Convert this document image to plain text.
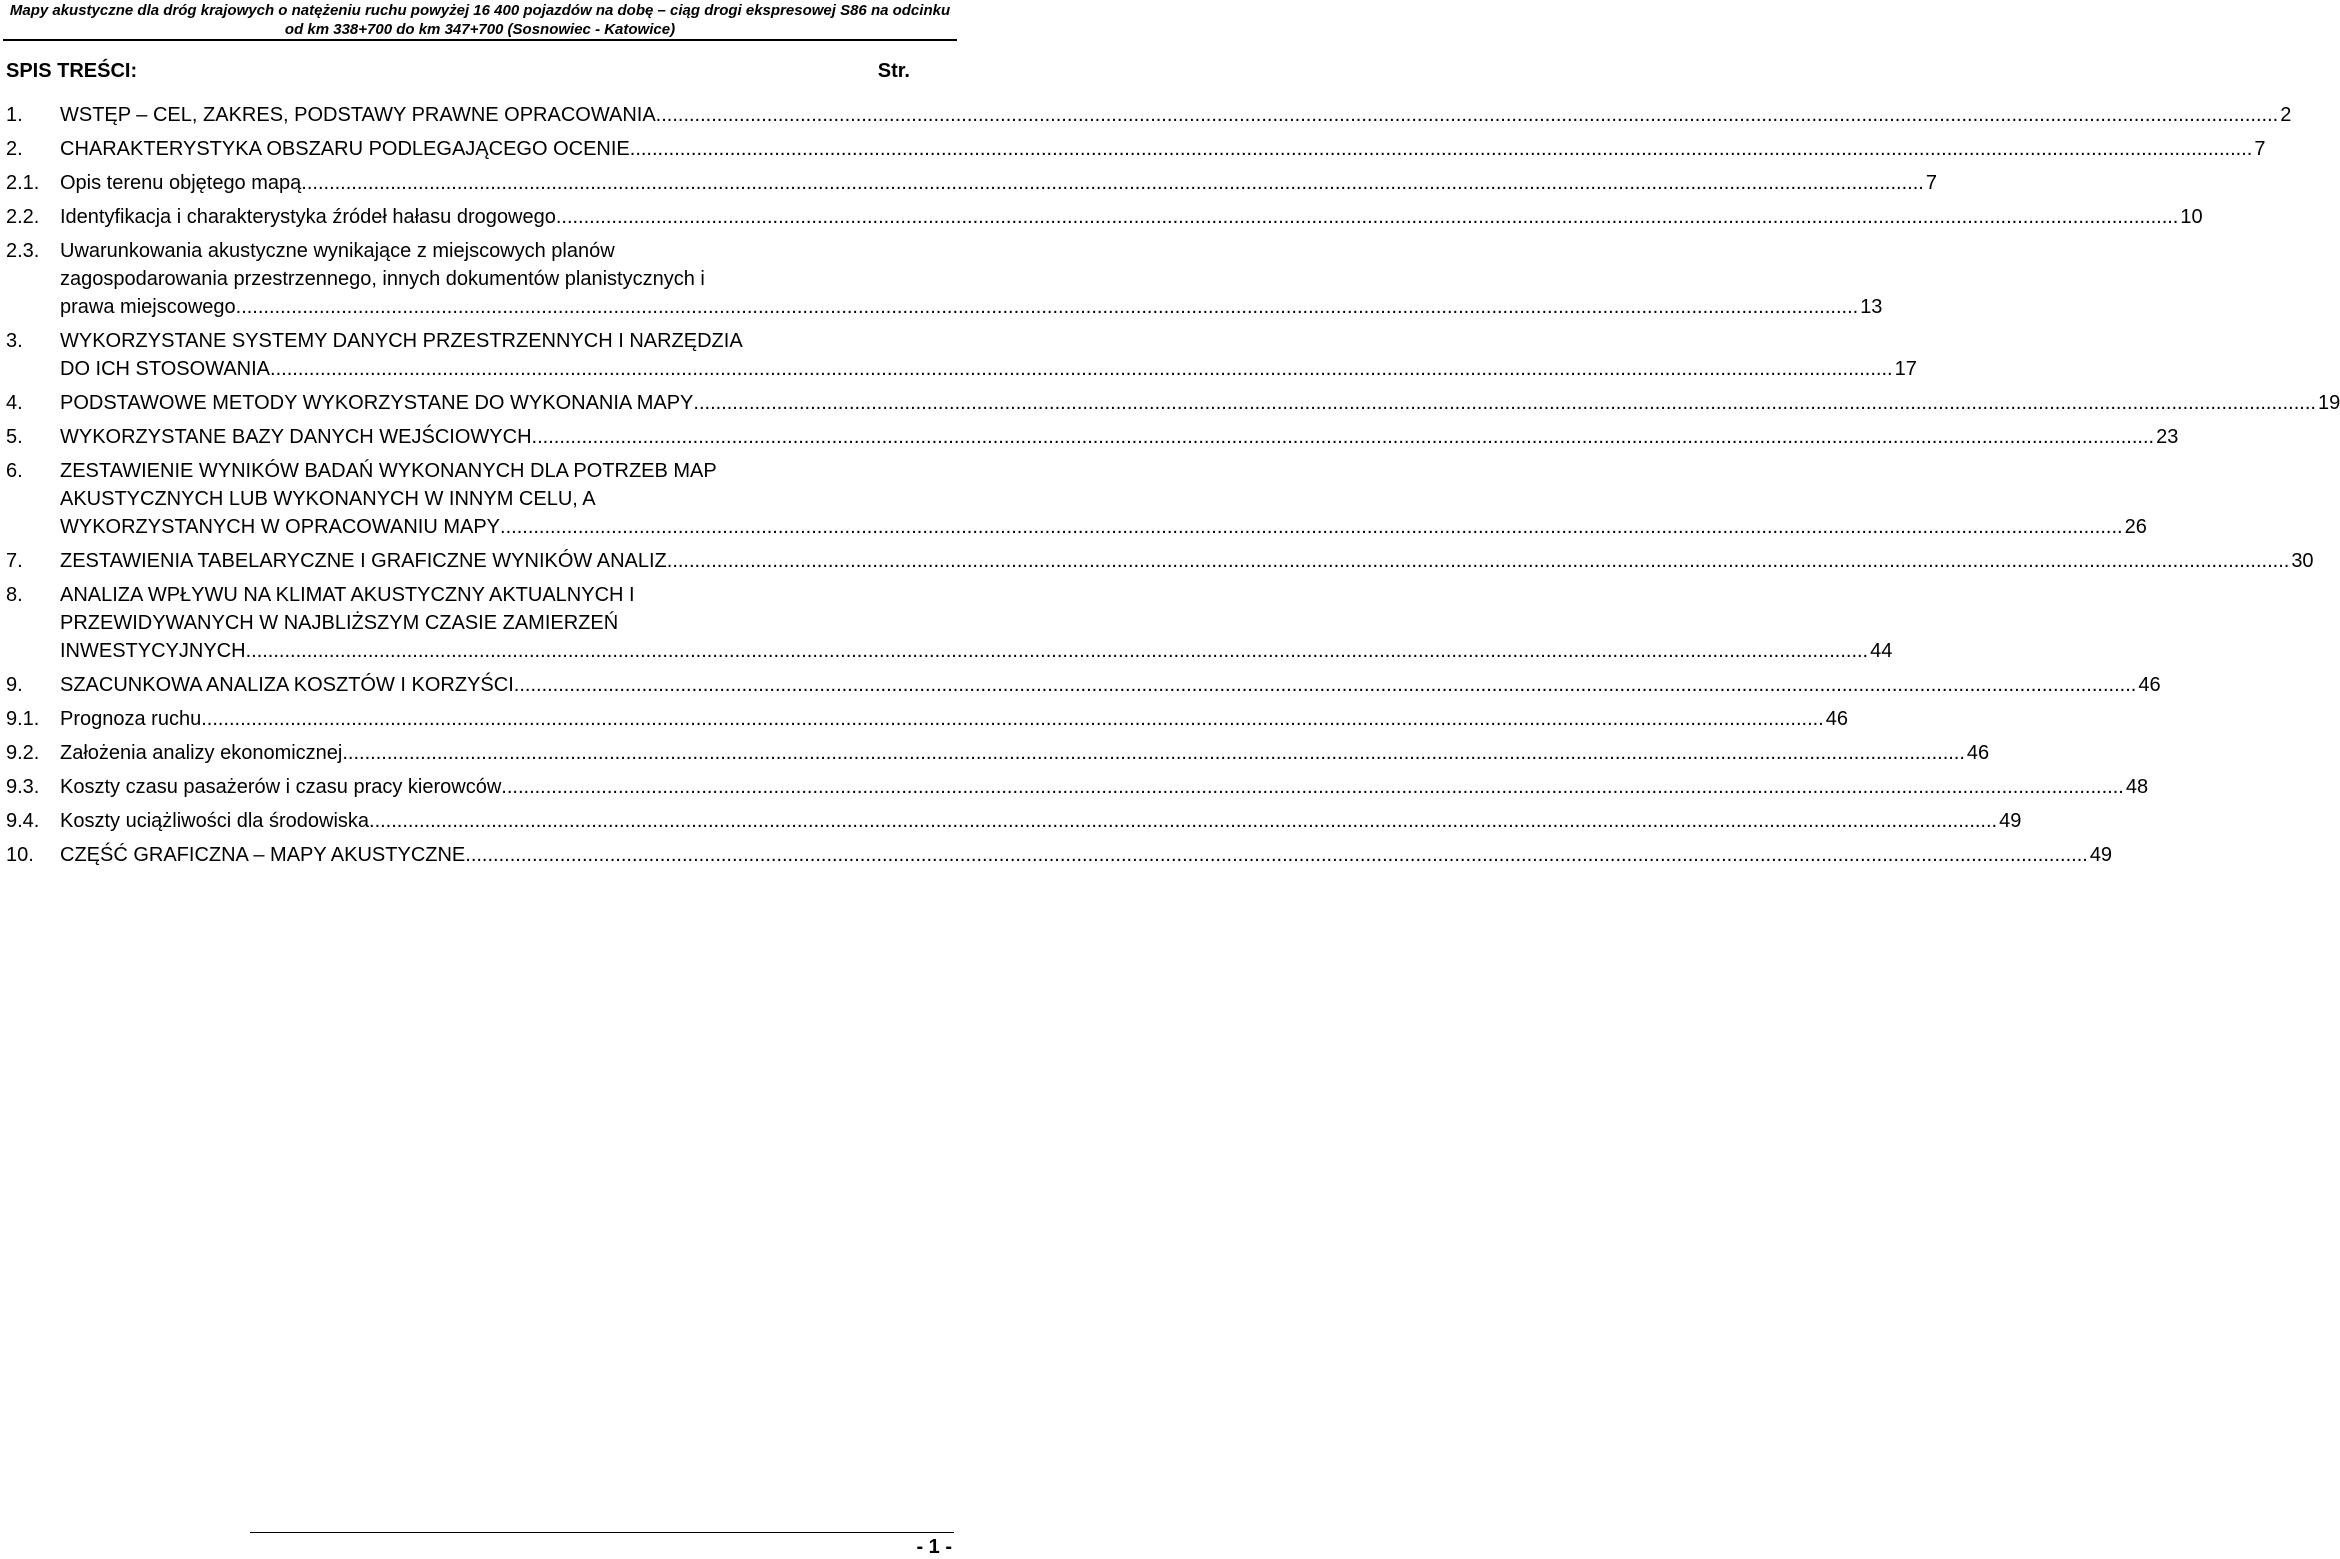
Mapy akustyczne dla dróg krajowych o natężeniu ruchu powyżej 16 400 pojazdów na dobę – ciąg drogi ekspresowej S86 na odcinku
od km 338+700 do km 347+700 (Sosnowiec - Katowice)
SPIS TREŚCI:	Str.
1. WSTĘP – CEL, ZAKRES, PODSTAWY PRAWNE OPRACOWANIA .....	2
2. CHARAKTERYSTYKA OBSZARU PODLEGAJĄCEGO OCENIE .....	7
2.1. Opis terenu objętego mapą .....	7
2.2. Identyfikacja i charakterystyka źródeł hałasu drogowego .....	10
2.3. Uwarunkowania akustyczne wynikające z miejscowych planów
zagospodarowania przestrzennego, innych dokumentów planistycznych i
prawa miejscowego .....	13
3. WYKORZYSTANE SYSTEMY DANYCH PRZESTRZENNYCH I NARZĘDZIA
DO ICH STOSOWANIA .....	17
4. PODSTAWOWE METODY WYKORZYSTANE DO WYKONANIA MAPY .....	19
5. WYKORZYSTANE BAZY DANYCH WEJŚCIOWYCH .....	23
6. ZESTAWIENIE WYNIKÓW BADAŃ WYKONANYCH DLA POTRZEB MAP
AKUSTYCZNYCH LUB WYKONANYCH W INNYM CELU, A
WYKORZYSTANYCH W OPRACOWANIU MAPY .....	26
7. ZESTAWIENIA TABELARYCZNE I GRAFICZNE WYNIKÓW ANALIZ .....	30
8. ANALIZA WPŁYWU NA KLIMAT AKUSTYCZNY AKTUALNYCH I
PRZEWIDYWANYCH W NAJBLIŻSZYM CZASIE ZAMIERZEŃ
INWESTYCYJNYCH .....	44
9. SZACUNKOWA ANALIZA KOSZTÓW I KORZYŚCI .....	46
9.1. Prognoza ruchu .....	46
9.2. Założenia analizy ekonomicznej .....	46
9.3. Koszty czasu pasażerów i czasu pracy kierowców .....	48
9.4. Koszty uciążliwości dla środowiska. .....	49
10. CZĘŚĆ GRAFICZNA – MAPY AKUSTYCZNE .....	49
- 1 -
